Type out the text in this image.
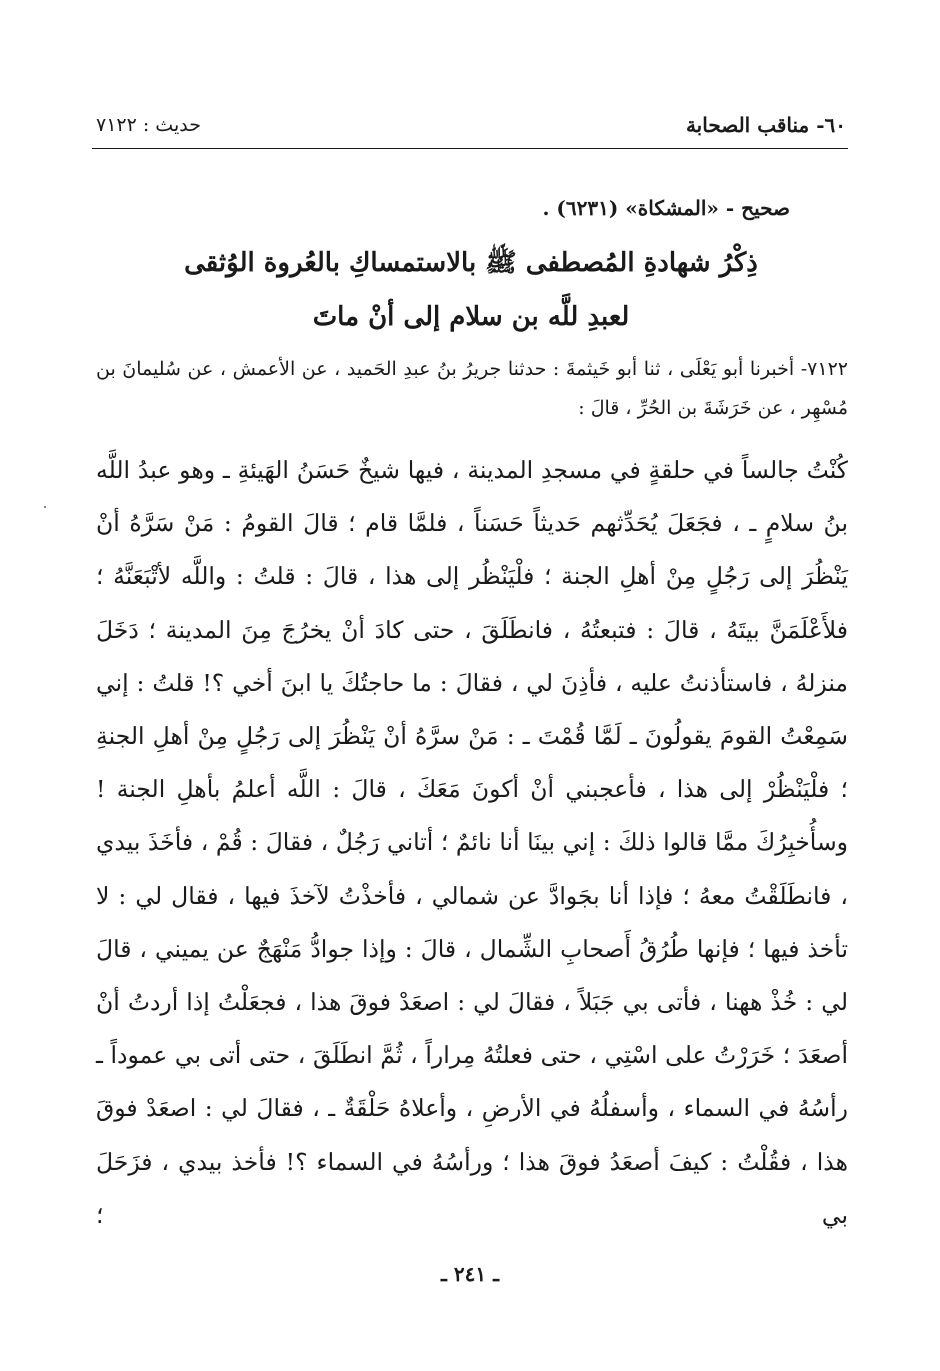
٦٠- مناقب الصحابة
حديث : ٧١٢٢
صحيح - «المشكاة» (٦٢٣١) .
ذِكْرُ شهادةِ المُصطفى ﷺ بالاستمساكِ بالعُروة الوُثقى
لعبدِ للَّه بن سلام إلى أنْ ماتَ
٧١٢٢- أخبرنا أبو يَعْلَى ، ثنا أبو خَيثمةَ : حدثنا جريرُ بنُ عبدِ الحَميد ، عن الأعمش ، عن سُليمانَ بن مُسْهِر ، عن خَرَشَةَ بن الحُرِّ ، قالَ :
كُنْتُ جالساً في حلقةٍ في مسجدِ المدينة ، فيها شيخٌ حَسَنُ الهَيئةِ ـ وهو عبدُ اللَّه بنُ سلامٍ ـ ، فجَعَلَ يُحَدِّثهم حَديثاً حَسَناً ، فلمَّا قام ؛ قالَ القومُ : مَنْ سَرَّهُ أنْ يَنْظُرَ إلى رَجُلٍ مِنْ أهلِ الجنة ؛ فلْيَنْظُر إلى هذا ، قالَ : قلتُ : واللَّه لأتْبَعَنَّهُ ؛ فلأَعْلَمَنَّ بيتَهُ ، قالَ : فتبعتُهُ ، فانطَلَقَ ، حتى كادَ أنْ يخرُجَ مِنَ المدينة ؛ دَخَلَ منزلهُ ، فاستأذنتُ عليه ، فأذِنَ لي ، فقالَ : ما حاجتُكَ يا ابنَ أخي ؟! قلتُ : إني سَمِعْتُ القومَ يقولُونَ ـ لَمَّا قُمْتَ ـ : مَنْ سرَّهُ أنْ يَنْظُرَ إلى رَجُلٍ مِنْ أهلِ الجنةِ ؛ فلْيَنْظُرْ إلى هذا ، فأعجبني أنْ أكونَ مَعَكَ ، قالَ : اللَّه أعلمُ بأهلِ الجنة ! وسأُخبِرُكَ ممَّا قالوا ذلكَ : إني بينَا أنا نائمٌ ؛ أتاني رَجُلٌ ، فقالَ : قُمْ ، فأخَذَ بيدي ، فانطَلَقْتُ معهُ ؛ فإذا أنا بجَوادَّ عن شمالي ، فأخذْتُ لآخذَ فيها ، فقال لي : لا تأخذ فيها ؛ فإنها طُرُقُ أَصحابِ الشِّمال ، قالَ : وإذا جوادُّ مَنْهَجٌ عن يميني ، قالَ لي : خُذْ ههنا ، فأتى بي جَبَلاً ، فقالَ لي : اصعَدْ فوقَ هذا ، فجعَلْتُ إذا أردتُ أنْ أصعَدَ ؛ خَرَرْتُ على اسْتِي ، حتى فعلتُهُ مِراراً ، ثُمَّ انطَلَقَ ، حتى أتى بي عموداً ـ رأسُهُ في السماء ، وأسفلُهُ في الأرضِ ، وأعلاهُ حَلْقَةٌ ـ ، فقالَ لي : اصعَدْ فوقَ هذا ، فقُلْتُ : كيفَ أصعَدُ فوقَ هذا ؛ ورأسُهُ في السماء ؟! فأخذ بيدي ، فزَحَلَ بي ؛
ـ ٢٤١ ـ
